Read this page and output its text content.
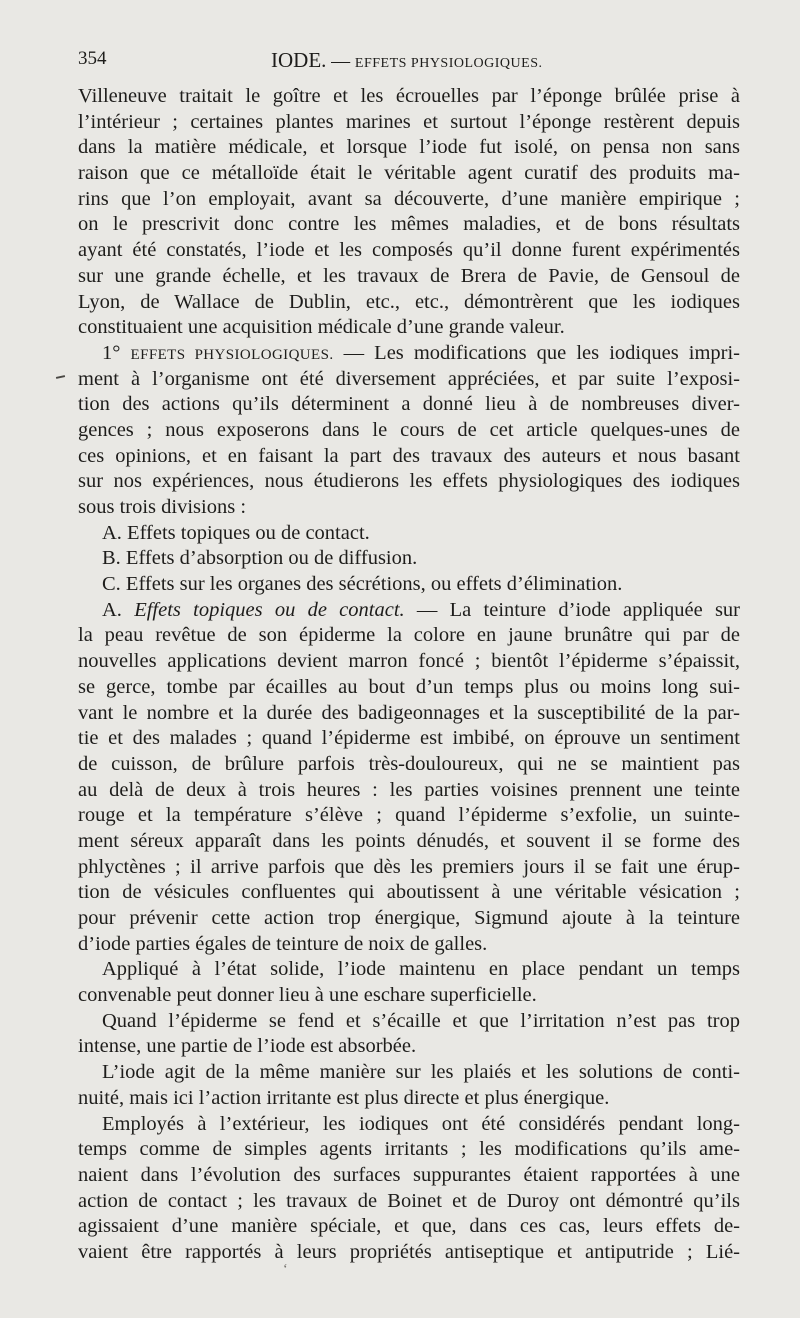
354	IODE. — EFFETS PHYSIOLOGIQUES.
Villeneuve traitait le goître et les écrouelles par l’éponge brûlée prise à
l’intérieur ; certaines plantes marines et surtout l’éponge restèrent depuis
dans la matière médicale, et lorsque l’iode fut isolé, on pensa non sans
raison que ce métalloïde était le véritable agent curatif des produits ma-
rins que l’on employait, avant sa découverte, d’une manière empirique ;
on le prescrivit donc contre les mêmes maladies, et de bons résultats
ayant été constatés, l’iode et les composés qu’il donne furent expérimentés
sur une grande échelle, et les travaux de Brera de Pavie, de Gensoul de
Lyon, de Wallace de Dublin, etc., etc., démontrèrent que les iodiques
constituaient une acquisition médicale d’une grande valeur.
1° EFFETS PHYSIOLOGIQUES. — Les modifications que les iodiques impri-
ment à l’organisme ont été diversement appréciées, et par suite l’exposi-
tion des actions qu’ils déterminent a donné lieu à de nombreuses diver-
gences ; nous exposerons dans le cours de cet article quelques-unes de
ces opinions, et en faisant la part des travaux des auteurs et nous basant
sur nos expériences, nous étudierons les effets physiologiques des iodiques
sous trois divisions :
A. Effets topiques ou de contact.
B. Effets d’absorption ou de diffusion.
C. Effets sur les organes des sécrétions, ou effets d’élimination.
A. Effets topiques ou de contact. — La teinture d’iode appliquée sur
la peau revêtue de son épiderme la colore en jaune brunâtre qui par de
nouvelles applications devient marron foncé ; bientôt l’épiderme s’épaissit,
se gerce, tombe par écailles au bout d’un temps plus ou moins long sui-
vant le nombre et la durée des badigeonnages et la susceptibilité de la par-
tie et des malades ; quand l’épiderme est imbibé, on éprouve un sentiment
de cuisson, de brûlure parfois très-douloureux, qui ne se maintient pas
au delà de deux à trois heures : les parties voisines prennent une teinte
rouge et la température s’élève ; quand l’épiderme s’exfolie, un suinte-
ment séreux apparaît dans les points dénudés, et souvent il se forme des
phlyctènes ; il arrive parfois que dès les premiers jours il se fait une érup-
tion de vésicules confluentes qui aboutissent à une véritable vésication ;
pour prévenir cette action trop énergique, Sigmund ajoute à la teinture
d’iode parties égales de teinture de noix de galles.
Appliqué à l’état solide, l’iode maintenu en place pendant un temps
convenable peut donner lieu à une eschare superficielle.
Quand l’épiderme se fend et s’écaille et que l’irritation n’est pas trop
intense, une partie de l’iode est absorbée.
L’iode agit de la même manière sur les plaiés et les solutions de conti-
nuité, mais ici l’action irritante est plus directe et plus énergique.
Employés à l’extérieur, les iodiques ont été considérés pendant long-
temps comme de simples agents irritants ; les modifications qu’ils ame-
naient dans l’évolution des surfaces suppurantes étaient rapportées à une
action de contact ; les travaux de Boinet et de Duroy ont démontré qu’ils
agissaient d’une manière spéciale, et que, dans ces cas, leurs effets de-
vaient être rapportés à leurs propriétés antiseptique et antiputride ; Lié-
ʻ
